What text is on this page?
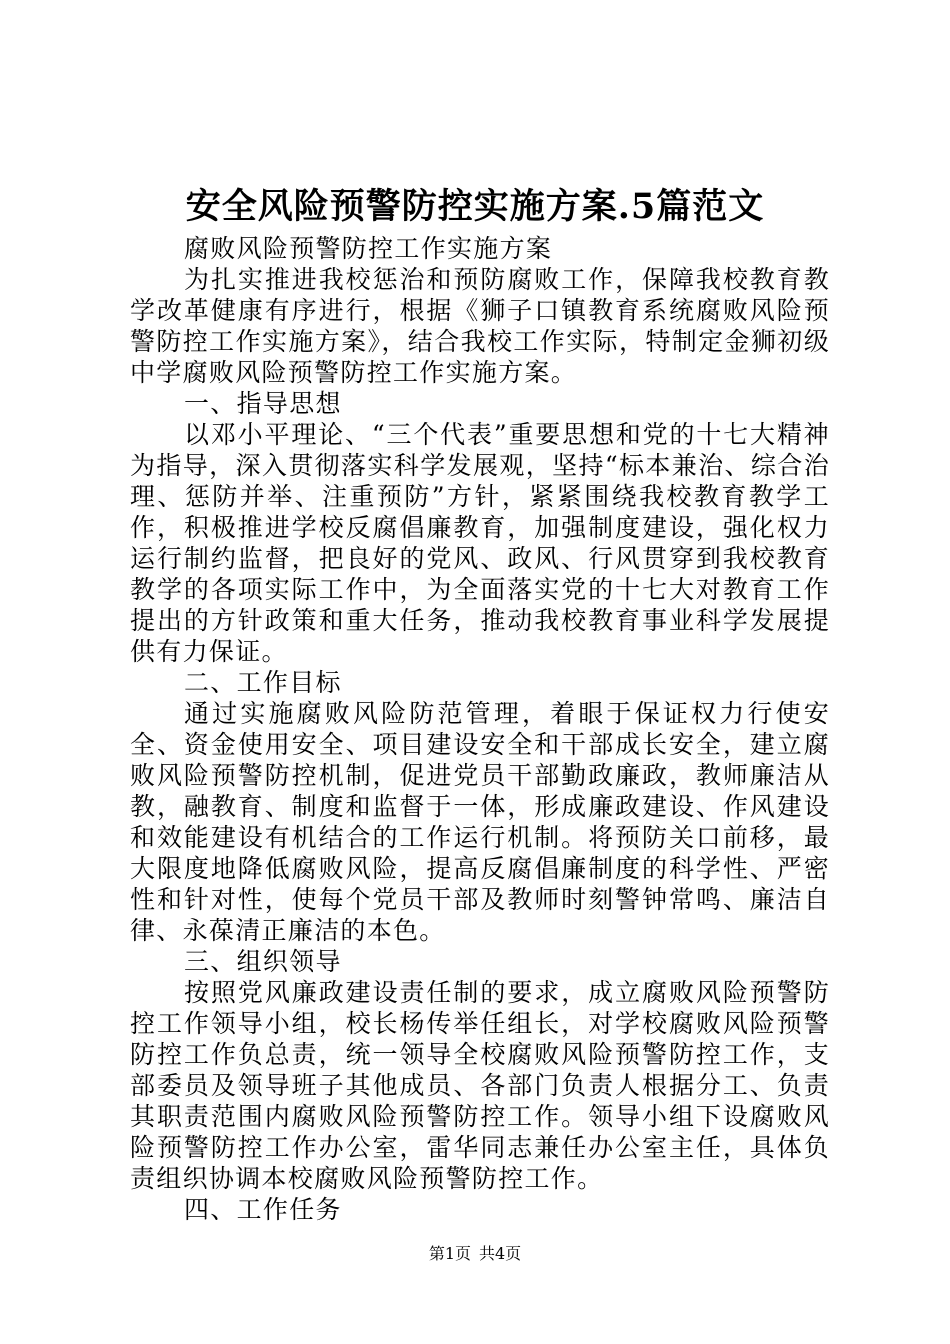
安全风险预警防控实施方案.5篇范文

腐败风险预警防控工作实施方案

为扎实推进我校惩治和预防腐败工作，保障我校教育教学改革健康有序进行，根据《狮子口镇教育系统腐败风险预警防控工作实施方案》，结合我校工作实际，特制定金狮初级中学腐败风险预警防控工作实施方案。

一、指导思想

以邓小平理论、“三个代表”重要思想和党的十七大精神为指导，深入贯彻落实科学发展观，坚持“标本兼治、综合治理、惩防并举、注重预防”方针，紧紧围绕我校教育教学工作，积极推进学校反腐倡廉教育，加强制度建设，强化权力运行制约监督，把良好的党风、政风、行风贯穿到我校教育教学的各项实际工作中，为全面落实党的十七大对教育工作提出的方针政策和重大任务，推动我校教育事业科学发展提供有力保证。

二、工作目标

通过实施腐败风险防范管理，着眼于保证权力行使安全、资金使用安全、项目建设安全和干部成长安全，建立腐败风险预警防控机制，促进党员干部勤政廉政，教师廉洁从教，融教育、制度和监督于一体，形成廉政建设、作风建设和效能建设有机结合的工作运行机制。将预防关口前移，最大限度地降低腐败风险，提高反腐倡廉制度的科学性、严密性和针对性，使每个党员干部及教师时刻警钟常鸣、廉洁自律、永葆清正廉洁的本色。

三、组织领导

按照党风廉政建设责任制的要求，成立腐败风险预警防控工作领导小组，校长杨传举任组长，对学校腐败风险预警防控工作负总责，统一领导全校腐败风险预警防控工作，支部委员及领导班子其他成员、各部门负责人根据分工、负责其职责范围内腐败风险预警防控工作。领导小组下设腐败风险预警防控工作办公室，雷华同志兼任办公室主任，具体负责组织协调本校腐败风险预警防控工作。

四、工作任务

第1页 共4页
